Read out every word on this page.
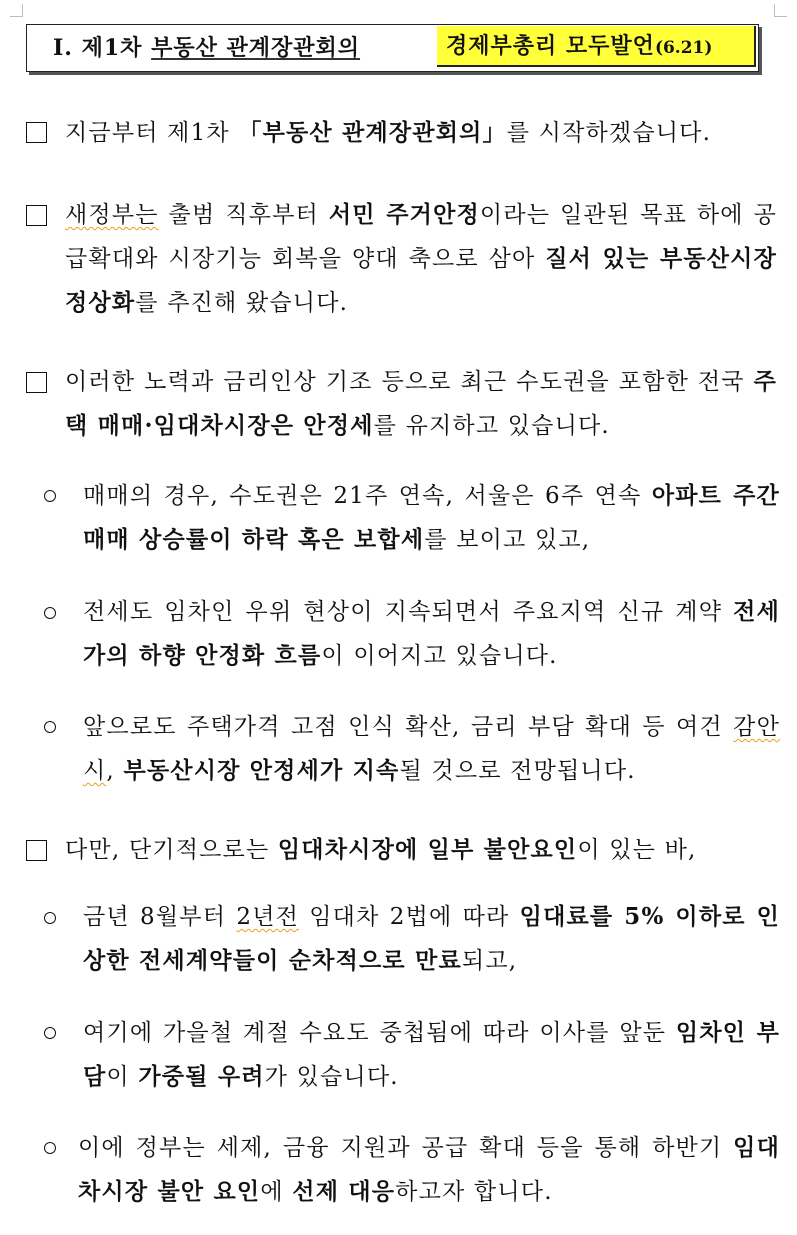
Ⅰ. 제1차 부동산 관계장관회의	경제부총리 모두발언(6.21)
지금부터 제1차 「부동산 관계장관회의」를 시작하겠습니다.
새정부는 출범 직후부터 서민 주거안정이라는 일관된 목표 하에 공급확대와 시장기능 회복을 양대 축으로 삼아 질서 있는 부동산시장 정상화를 추진해 왔습니다.
이러한 노력과 금리인상 기조 등으로 최근 수도권을 포함한 전국 주택 매매·임대차시장은 안정세를 유지하고 있습니다.
매매의 경우, 수도권은 21주 연속, 서울은 6주 연속 아파트 주간 매매 상승률이 하락 혹은 보합세를 보이고 있고,
전세도 임차인 우위 현상이 지속되면서 주요지역 신규 계약 전세가의 하향 안정화 흐름이 이어지고 있습니다.
앞으로도 주택가격 고점 인식 확산, 금리 부담 확대 등 여건 감안시, 부동산시장 안정세가 지속될 것으로 전망됩니다.
다만, 단기적으로는 임대차시장에 일부 불안요인이 있는 바,
금년 8월부터 2년전 임대차 2법에 따라 임대료를 5% 이하로 인상한 전세계약들이 순차적으로 만료되고,
여기에 가을철 계절 수요도 중첩됨에 따라 이사를 앞둔 임차인 부담이 가중될 우려가 있습니다.
이에 정부는 세제, 금융 지원과 공급 확대 등을 통해 하반기 임대차시장 불안 요인에 선제 대응하고자 합니다.
